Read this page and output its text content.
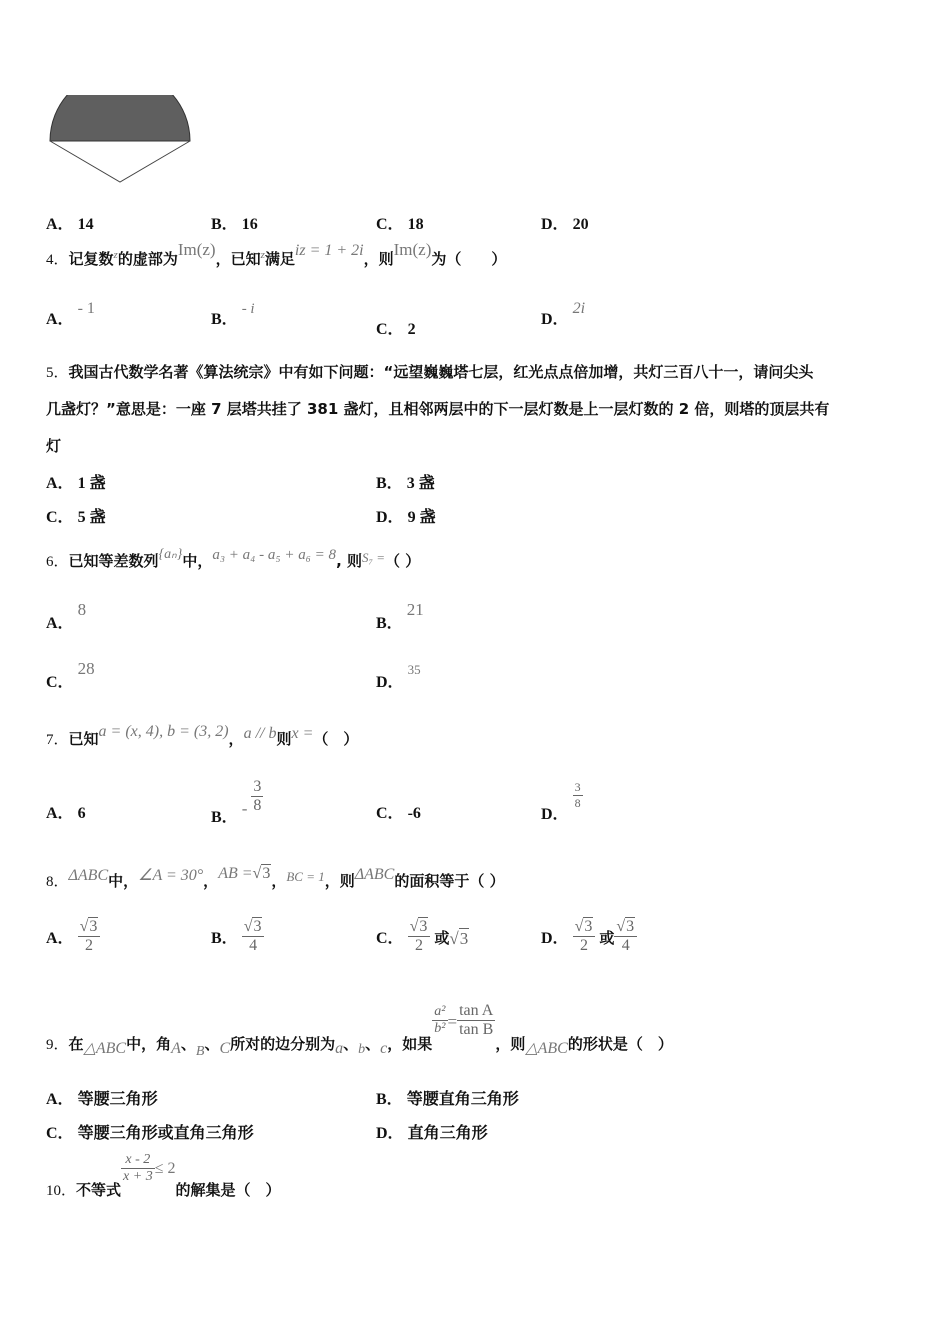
A． 14	B． 16	C． 18	D． 20
4．记复数$^z$的虚部为Im(z)，已知$^z$满足iz = 1 + 2i，则Im(z)为（　　）
A． - 1
B． - i
C． 2
D． 2i
5．我国古代数学名著《算法统宗》中有如下问题：“远望巍巍塔七层，红光点点倍加增，共灯三百八十一，请问尖头
几盏灯？”意思是：一座 7 层塔共挂了 381 盏灯，且相邻两层中的下一层灯数是上一层灯数的 2 倍，则塔的顶层共有
灯
A． 1 盏	B． 3 盏
C． 5 盏	D． 9 盏
6．已知等差数列{aₙ}中，a₃ + a₄ - a₅ + a₆ = 8, 则S₇ =（ ）
A． 8
B． 21
C． 28
D． $^{35}$
7．已知a = (x, 4), b = (3, 2)，a // b则x =（　）
A． 6	B． - $\frac{3}{8}$	C． -6	D．
$\frac{3}{8}$
8．ΔABC中，∠A = 30°，AB =√3，BC = 1，则ΔABC的面积等于（ ）
A． $\frac{√3}{2}$	B． $\frac{√3}{4}$	C． $\frac{√3}{2}$ 或√3	D． $\frac{√3}{2}$ 或 $\frac{√3}{4}$
9．在△ABC中，角A、B、C所对的边分别为a、b、c，如果
$\frac{\text{a²}}{\text{b²}} = \frac{\text{tan A}}{\text{tan B}}$
，则△ABC的形状是（　）
A． 等腰三角形	B． 等腰直角三角形
C． 等腰三角形或直角三角形	D． 直角三角形
10．不等式
$\frac{x - 2}{x + 3} \le 2$的解集是（　）
